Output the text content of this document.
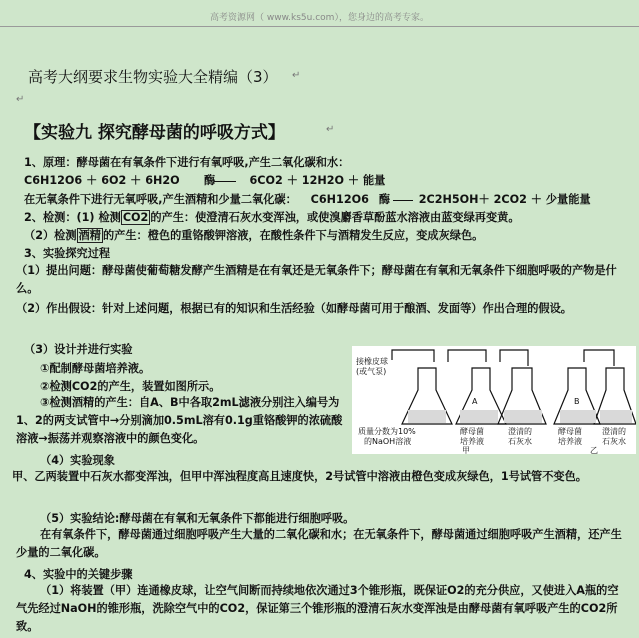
高考资源网（ www.ks5u.com），您身边的高考专家。
高考大纲要求生物实验大全精编（3） ↵
↵
【实验九 探究酵母菌的呼吸方式】	↵
1、原理：酵母菌在有氧条件下进行有氧呼吸,产生二氧化碳和水：
C6H12O6 ＋ 6O2 ＋ 6H2O 酶	6CO2 ＋ 12H2O ＋ 能量
在无氧条件下进行无氧呼吸,产生酒精和少量二氧化碳： C6H12O6 酶	2C2H5OH＋ 2CO2 ＋ 少量能量
2、检测：(1) 检测 CO2 的产生：使澄清石灰水变浑浊，或使溴麝香草酚蓝水溶液由蓝变绿再变黄。
（2）检测 酒精 的产生：橙色的重铬酸钾溶液，在酸性条件下与酒精发生反应，变成灰绿色。
3、实验探究过程
（1）提出问题：酵母菌使葡萄糖发酵产生酒精是在有氧还是无氧条件下；酵母菌在有氧和无氧条件下细胞呼吸的产物是什么。
（2）作出假设：针对上述问题，根据已有的知识和生活经验（如酵母菌可用于酿酒、发面等）作出合理的假设。
（3）设计并进行实验
①配制酵母菌培养液。
②检测CO2的产生，装置如图所示。
③检测酒精的产生：自A、B中各取2mL滤液分别注入编号为1、2的两支试管中→分别滴加0.5mL溶有0.1g重铬酸钾的浓硫酸溶液→振荡并观察溶液中的颜色变化。
接橡皮球
(或气泵)
A	B
质量分数为10%
的NaOH溶液
酵母菌
培养液
澄清的
石灰水
酵母菌
培养液
澄清的
石灰水
甲	乙
（4）实验现象
甲、乙两装置中石灰水都变浑浊，但甲中浑浊程度高且速度快，2号试管中溶液由橙色变成灰绿色，1号试管不变色。
（5）实验结论:酵母菌在有氧和无氧条件下都能进行细胞呼吸。
在有氧条件下，酵母菌通过细胞呼吸产生大量的二氧化碳和水；在无氧条件下，酵母菌通过细胞呼吸产生酒精，还产生少量的二氧化碳。
4、实验中的关键步骤
（1）将装置（甲）连通橡皮球，让空气间断而持续地依次通过3个锥形瓶，既保证O2的充分供应，又使进入A瓶的空气先经过NaOH的锥形瓶，洗除空气中的CO2，保证第三个锥形瓶的澄清石灰水变浑浊是由酵母菌有氧呼吸产生的CO2所致。
